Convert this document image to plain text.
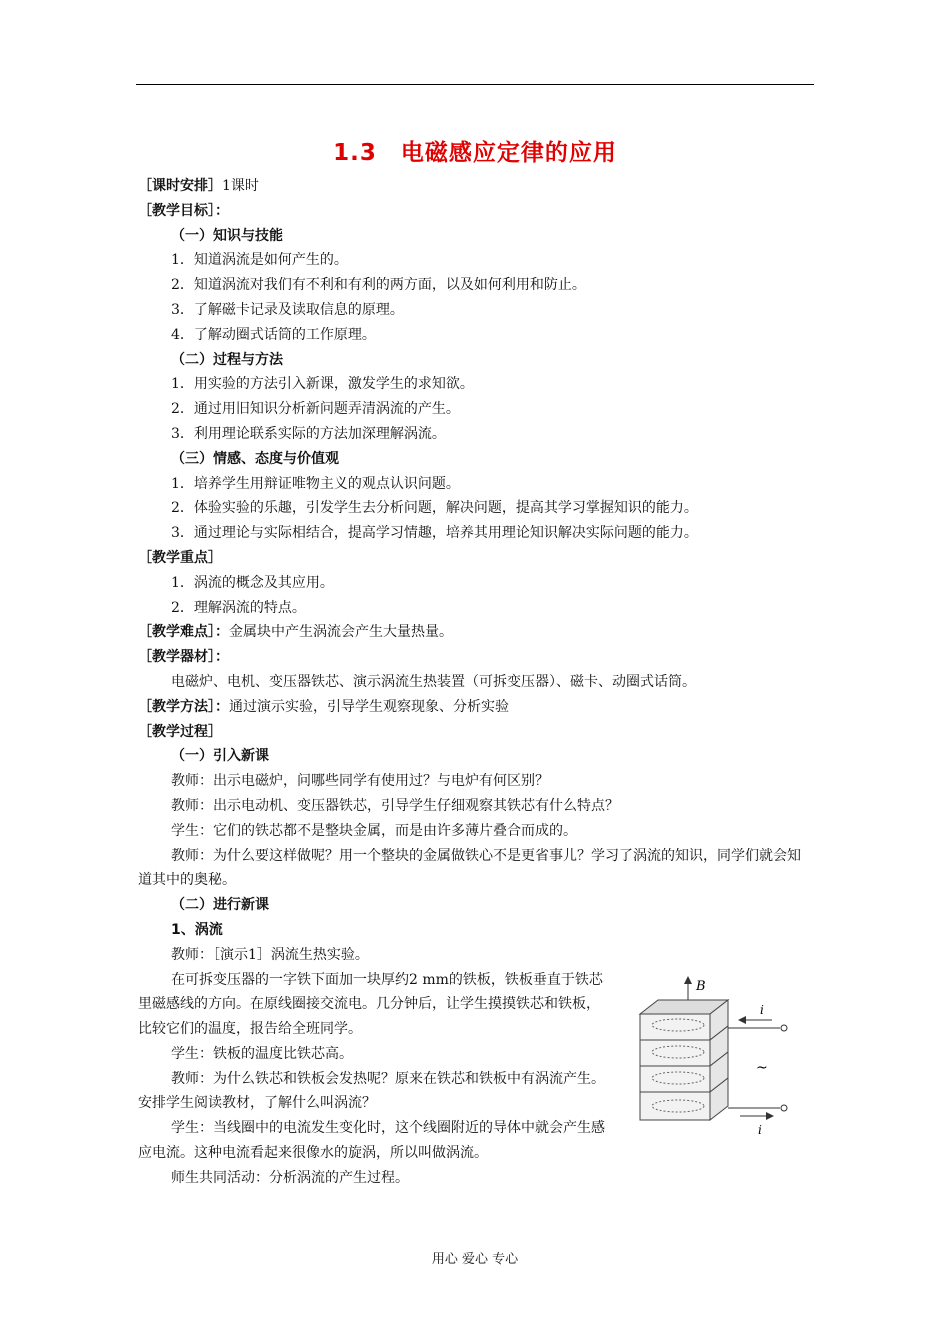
1.3　电磁感应定律的应用
［课时安排］1课时
［教学目标］：
（一）知识与技能
1．知道涡流是如何产生的。
2．知道涡流对我们有不利和有利的两方面，以及如何利用和防止。
3．了解磁卡记录及读取信息的原理。
4．了解动圈式话筒的工作原理。
（二）过程与方法
1．用实验的方法引入新课，激发学生的求知欲。
2．通过用旧知识分析新问题弄清涡流的产生。
3．利用理论联系实际的方法加深理解涡流。
（三）情感、态度与价值观
1．培养学生用辩证唯物主义的观点认识问题。
2．体验实验的乐趣，引发学生去分析问题，解决问题，提高其学习掌握知识的能力。
3．通过理论与实际相结合，提高学习情趣，培养其用理论知识解决实际问题的能力。
［教学重点］
1．涡流的概念及其应用。
2．理解涡流的特点。
［教学难点］：金属块中产生涡流会产生大量热量。
［教学器材］：
电磁炉、电机、变压器铁芯、演示涡流生热装置（可拆变压器）、磁卡、动圈式话筒。
［教学方法］：通过演示实验，引导学生观察现象、分析实验
［教学过程］
（一）引入新课
教师：出示电磁炉，问哪些同学有使用过？与电炉有何区别？
教师：出示电动机、变压器铁芯，引导学生仔细观察其铁芯有什么特点？
学生：它们的铁芯都不是整块金属，而是由许多薄片叠合而成的。
教师：为什么要这样做呢？用一个整块的金属做铁心不是更省事儿？学习了涡流的知识，同学们就会知道其中的奥秘。
（二）进行新课
1、涡流
教师：［演示1］涡流生热实验。
在可拆变压器的一字铁下面加一块厚约2 mm的铁板，铁板垂直于铁芯里磁感线的方向。在原线圈接交流电。几分钟后，让学生摸摸铁芯和铁板，比较它们的温度，报告给全班同学。
学生：铁板的温度比铁芯高。
教师：为什么铁芯和铁板会发热呢？原来在铁芯和铁板中有涡流产生。安排学生阅读教材，了解什么叫涡流？
学生：当线圈中的电流发生变化时，这个线圈附近的导体中就会产生感应电流。这种电流看起来很像水的旋涡，所以叫做涡流。
师生共同活动：分析涡流的产生过程。
B
i
i
~
用心 爱心 专心
